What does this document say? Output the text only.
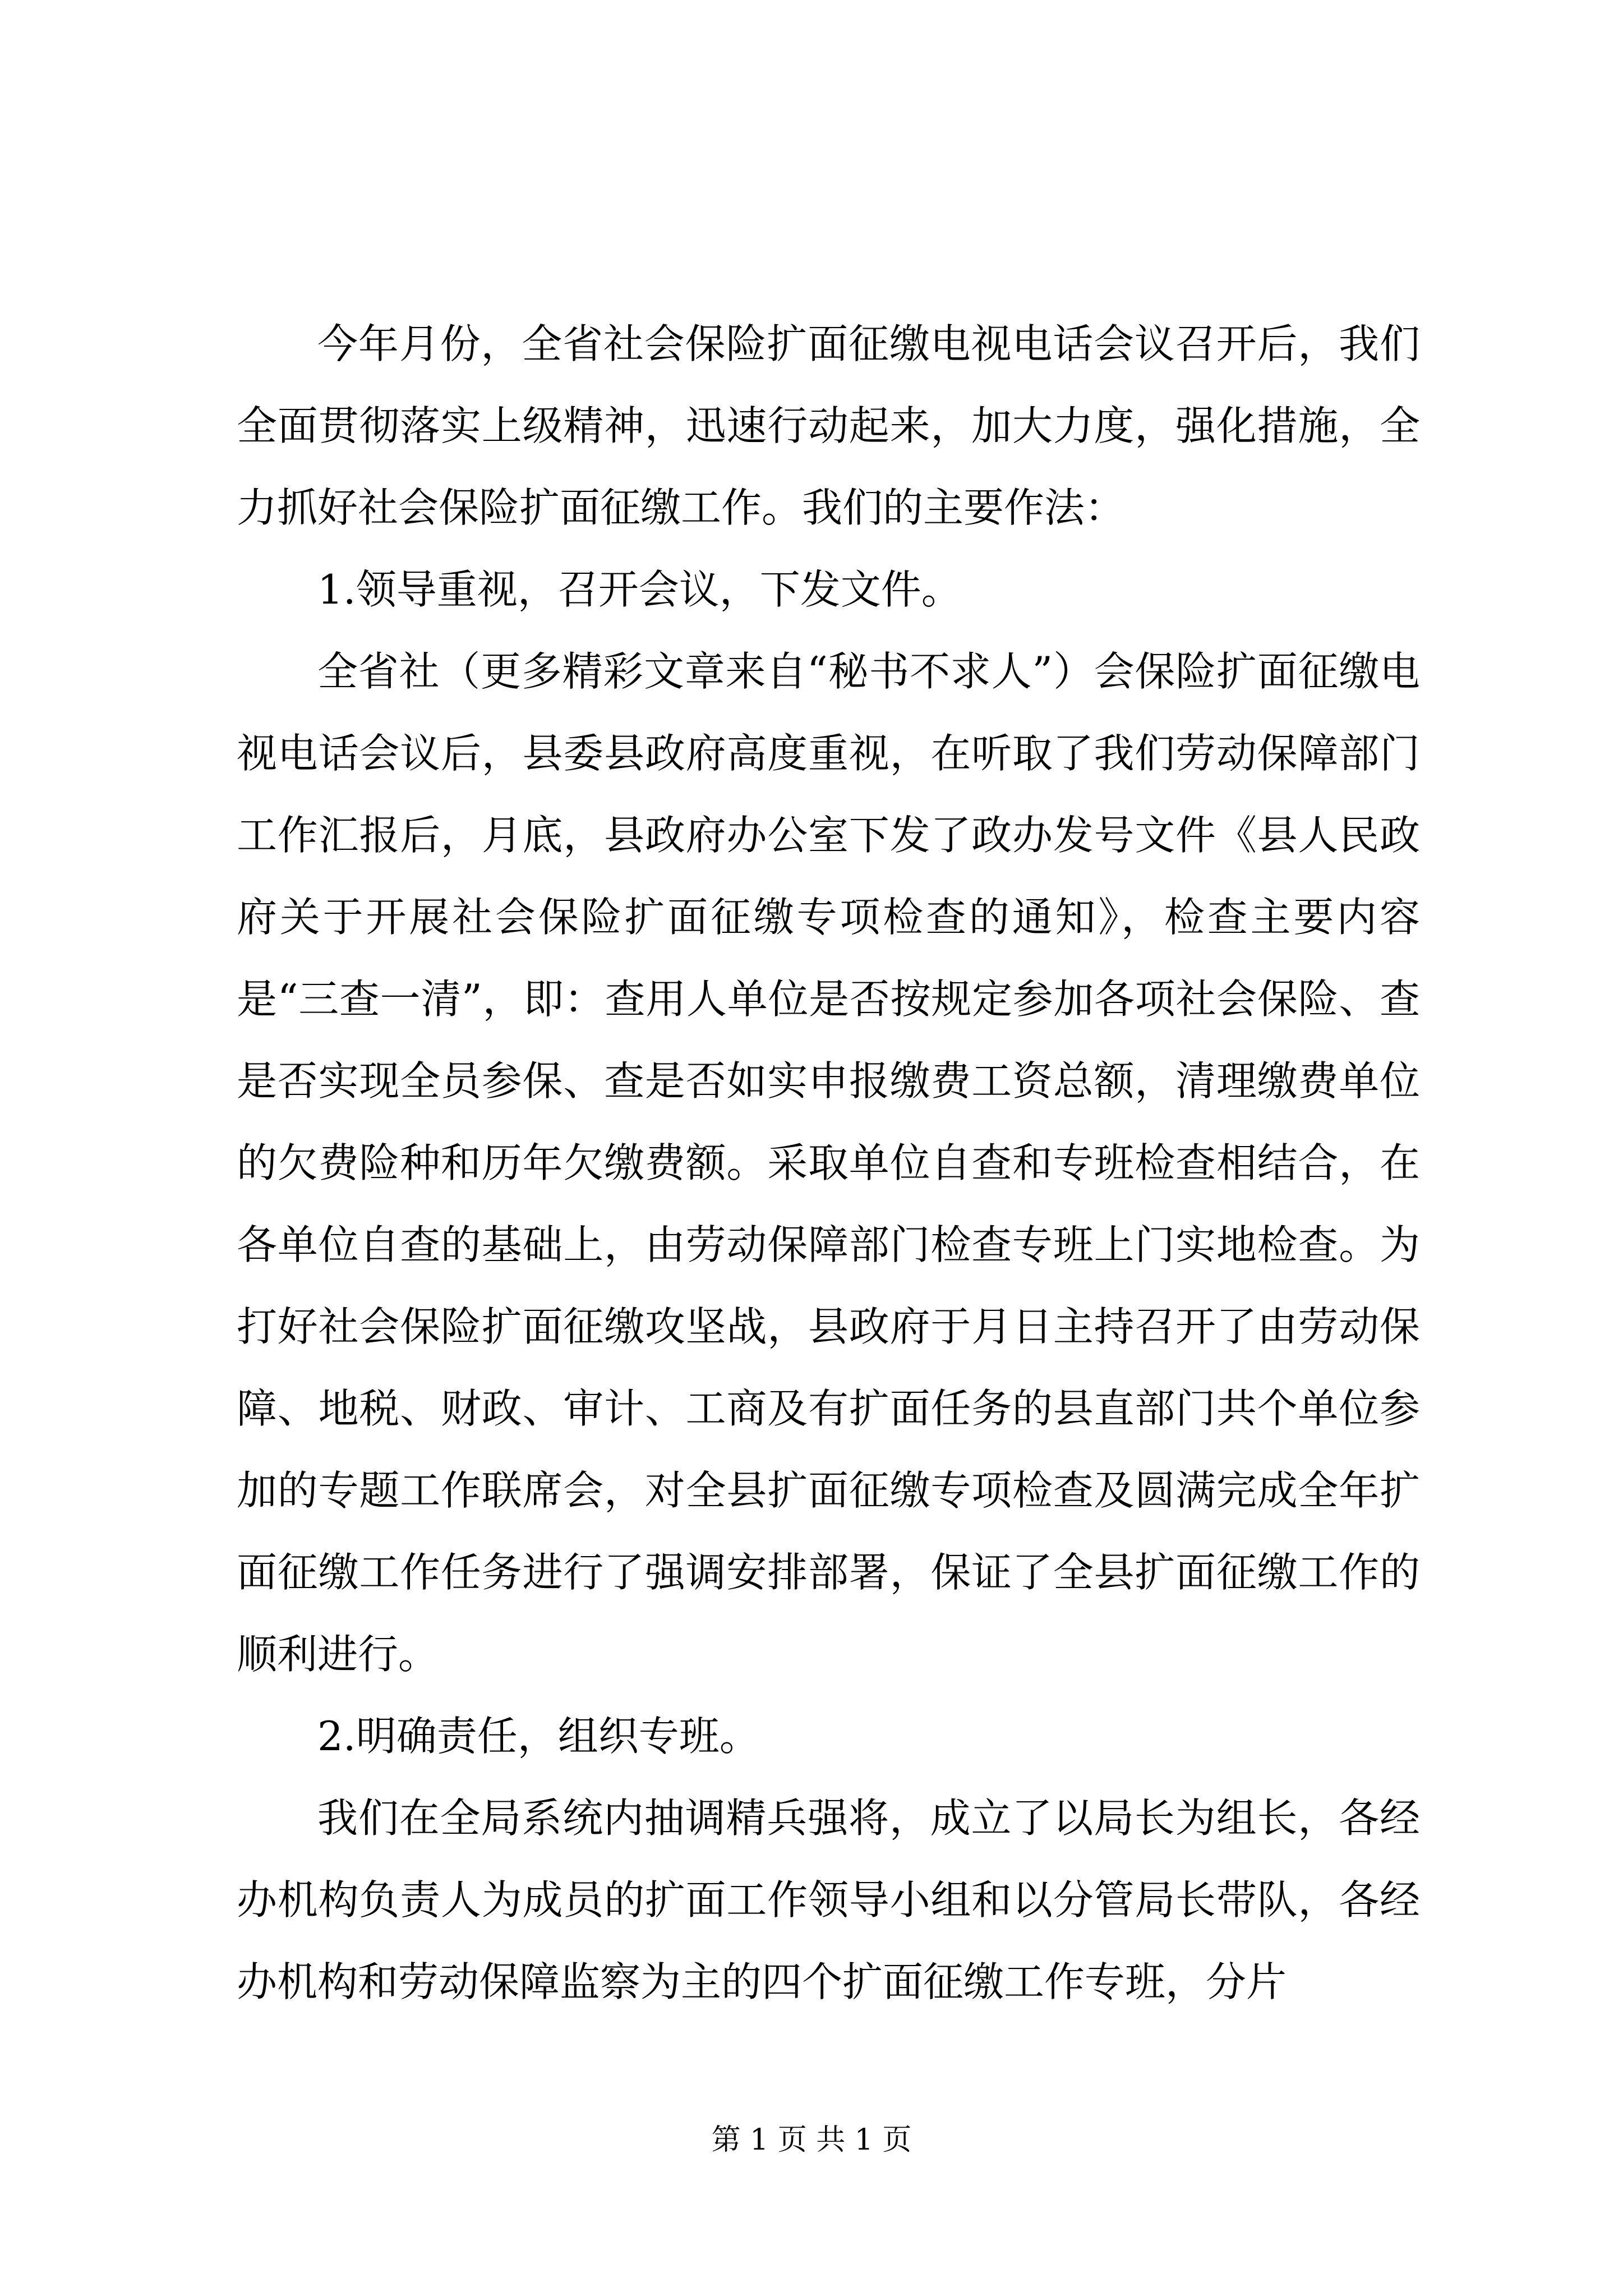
今年月份，全省社会保险扩面征缴电视电话会议召开后，我们全面贯彻落实上级精神，迅速行动起来，加大力度，强化措施，全力抓好社会保险扩面征缴工作。我们的主要作法：

1.领导重视，召开会议，下发文件。

全省社（更多精彩文章来自“秘书不求人”）会保险扩面征缴电视电话会议后，县委县政府高度重视，在听取了我们劳动保障部门工作汇报后，月底，县政府办公室下发了政办发号文件《县人民政府关于开展社会保险扩面征缴专项检查的通知》，检查主要内容是“三查一清”，即：查用人单位是否按规定参加各项社会保险、查是否实现全员参保、查是否如实申报缴费工资总额，清理缴费单位的欠费险种和历年欠缴费额。采取单位自查和专班检查相结合，在各单位自查的基础上，由劳动保障部门检查专班上门实地检查。为打好社会保险扩面征缴攻坚战，县政府于月日主持召开了由劳动保障、地税、财政、审计、工商及有扩面任务的县直部门共个单位参加的专题工作联席会，对全县扩面征缴专项检查及圆满完成全年扩面征缴工作任务进行了强调安排部署，保证了全县扩面征缴工作的顺利进行。

2.明确责任，组织专班。

我们在全局系统内抽调精兵强将，成立了以局长为组长，各经办机构负责人为成员的扩面工作领导小组和以分管局长带队，各经办机构和劳动保障监察为主的四个扩面征缴工作专班，分片

第 1 页 共 1 页
